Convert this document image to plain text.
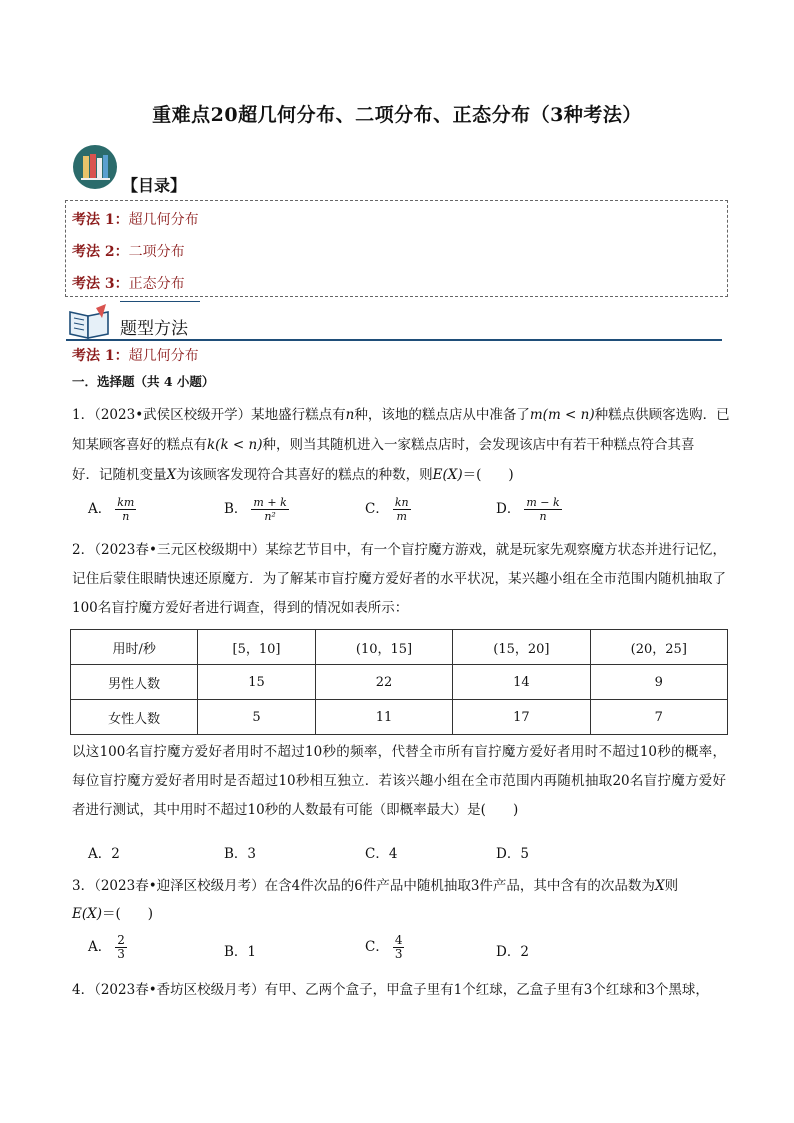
重难点20超几何分布、二项分布、正态分布（3种考法）
【目录】
考法 1：超几何分布
考法 2：二项分布
考法 3：正态分布
题型方法
考法 1：超几何分布
一．选择题（共 4 小题）
1．（2023•武侯区校级开学）某地盛行糕点有n种，该地的糕点店从中准备了m(m < n)种糕点供顾客选购．已
知某顾客喜好的糕点有k(k < n)种，则当其随机进入一家糕点店时，会发现该店中有若干种糕点符合其喜
好．记随机变量X为该顾客发现符合其喜好的糕点的种数，则E(X)＝(　　)
A． $\frac{km}{n}$	B． $\frac{m + k}{\text{n²}}$	C． $\frac{kn}{m}$	D． $\frac{m - k}{n}$
2．（2023春•三元区校级期中）某综艺节目中，有一个盲拧魔方游戏，就是玩家先观察魔方状态并进行记忆，记住后蒙住眼睛快速还原魔方．为了解某市盲拧魔方爱好者的水平状况，某兴趣小组在全市范围内随机抽取了100名盲拧魔方爱好者进行调查，得到的情况如表所示：
用时/秒	[5，10]	(10，15]	(15，20]	(20，25]
男性人数	15	22	14	9
女性人数	5	11	17	7
以这100名盲拧魔方爱好者用时不超过10秒的频率，代替全市所有盲拧魔方爱好者用时不超过10秒的概率，每位盲拧魔方爱好者用时是否超过10秒相互独立．若该兴趣小组在全市范围内再随机抽取20名盲拧魔方爱好者进行测试，其中用时不超过10秒的人数最有可能（即概率最大）是(　　)
A．2	B．3	C．4	D．5
3．（2023春•迎泽区校级月考）在含4件次品的6件产品中随机抽取3件产品，其中含有的次品数为X则
E(X)＝(　　)
A． $\frac{2}{3}$	B．1	C． $\frac{4}{3}$	D．2
4．（2023春•香坊区校级月考）有甲、乙两个盒子，甲盒子里有1个红球，乙盒子里有3个红球和3个黑球，
